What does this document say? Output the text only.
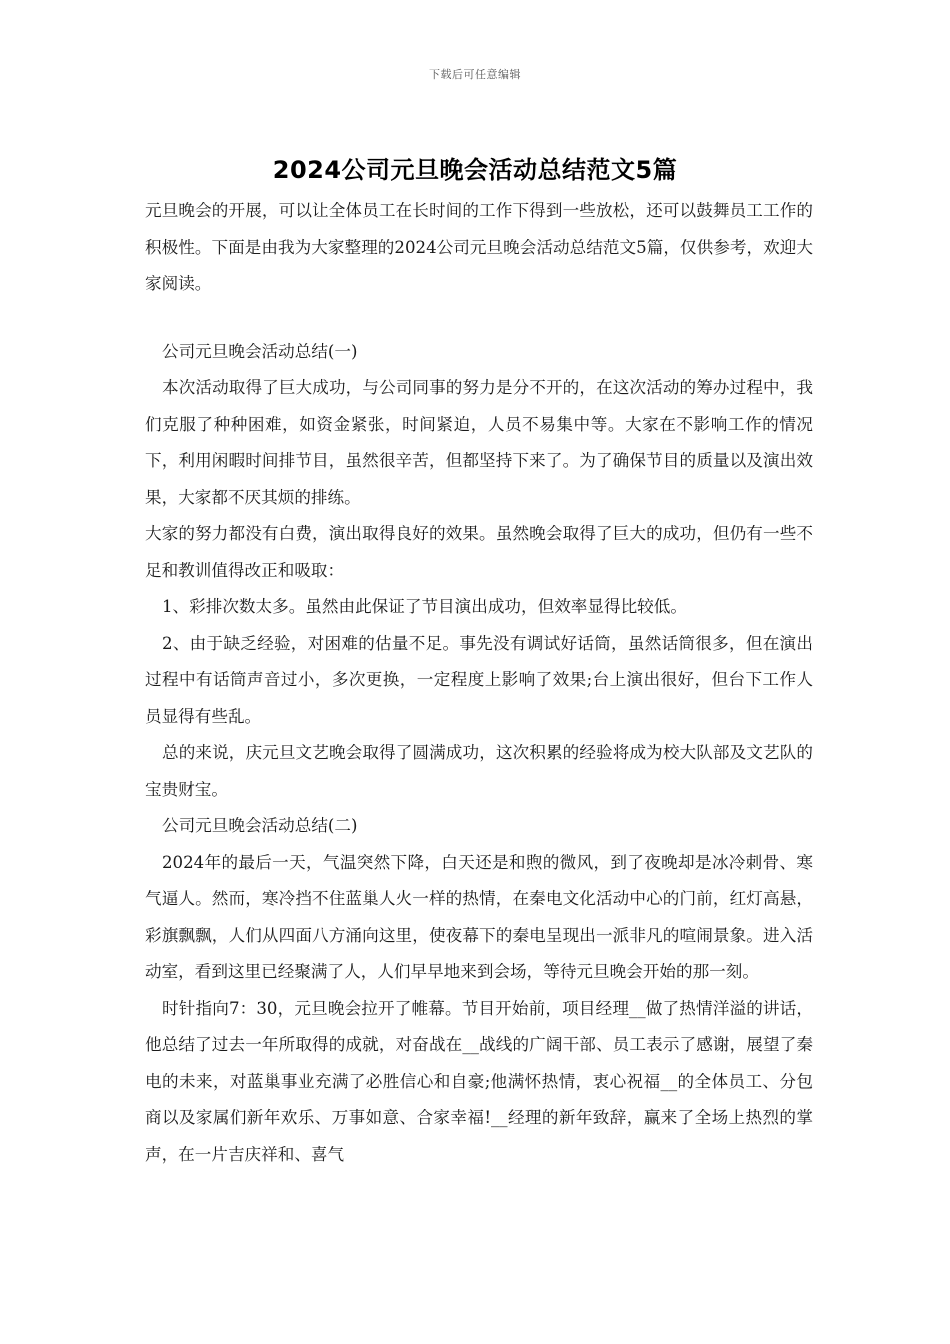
下载后可任意编辑
2024公司元旦晚会活动总结范文5篇

元旦晚会的开展，可以让全体员工在长时间的工作下得到一些放松，还可以鼓舞员工工作的积极性。下面是由我为大家整理的2024公司元旦晚会活动总结范文5篇，仅供参考，欢迎大家阅读。

公司元旦晚会活动总结(一)

本次活动取得了巨大成功，与公司同事的努力是分不开的，在这次活动的筹办过程中，我们克服了种种困难，如资金紧张，时间紧迫，人员不易集中等。大家在不影响工作的情况下，利用闲暇时间排节目，虽然很辛苦，但都坚持下来了。为了确保节目的质量以及演出效果，大家都不厌其烦的排练。

大家的努力都没有白费，演出取得良好的效果。虽然晚会取得了巨大的成功，但仍有一些不足和教训值得改正和吸取：

1、彩排次数太多。虽然由此保证了节目演出成功，但效率显得比较低。

2、由于缺乏经验，对困难的估量不足。事先没有调试好话筒，虽然话筒很多，但在演出过程中有话筒声音过小，多次更换，一定程度上影响了效果;台上演出很好，但台下工作人员显得有些乱。

总的来说，庆元旦文艺晚会取得了圆满成功，这次积累的经验将成为校大队部及文艺队的宝贵财宝。

公司元旦晚会活动总结(二)

2024年的最后一天，气温突然下降，白天还是和煦的微风，到了夜晚却是冰冷刺骨、寒气逼人。然而，寒冷挡不住蓝巢人火一样的热情，在秦电文化活动中心的门前，红灯高悬，彩旗飘飘，人们从四面八方涌向这里，使夜幕下的秦电呈现出一派非凡的喧闹景象。进入活动室，看到这里已经聚满了人，人们早早地来到会场，等待元旦晚会开始的那一刻。

时针指向7：30，元旦晚会拉开了帷幕。节目开始前，项目经理__做了热情洋溢的讲话，他总结了过去一年所取得的成就，对奋战在__战线的广阔干部、员工表示了感谢，展望了秦电的未来，对蓝巢事业充满了必胜信心和自豪;他满怀热情，衷心祝福__的全体员工、分包商以及家属们新年欢乐、万事如意、合家幸福!__经理的新年致辞，赢来了全场上热烈的掌声，在一片吉庆祥和、喜气
